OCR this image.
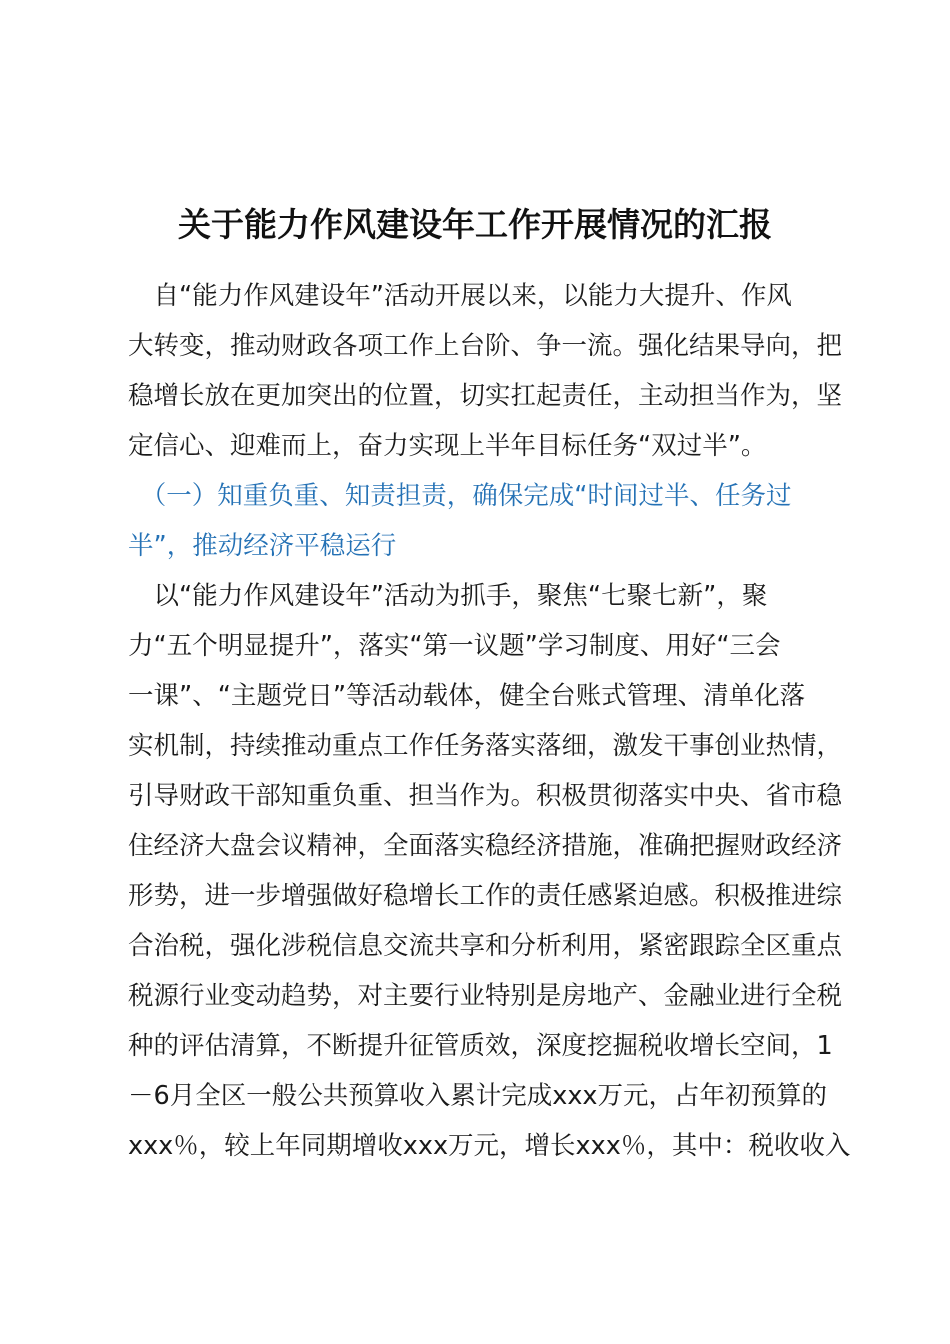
关于能力作风建设年工作开展情况的汇报
　自“能力作风建设年”活动开展以来，以能力大提升、作风
大转变，推动财政各项工作上台阶、争一流。强化结果导向，把
稳增长放在更加突出的位置，切实扛起责任，主动担当作为，坚
定信心、迎难而上，奋力实现上半年目标任务“双过半”。
　（一）知重负重、知责担责，确保完成“时间过半、任务过
半”，推动经济平稳运行
　以“能力作风建设年”活动为抓手，聚焦“七聚七新”，聚
力“五个明显提升”，落实“第一议题”学习制度、用好“三会
一课”、“主题党日”等活动载体，健全台账式管理、清单化落
实机制，持续推动重点工作任务落实落细，激发干事创业热情，
引导财政干部知重负重、担当作为。积极贯彻落实中央、省市稳
住经济大盘会议精神，全面落实稳经济措施，准确把握财政经济
形势，进一步增强做好稳增长工作的责任感紧迫感。积极推进综
合治税，强化涉税信息交流共享和分析利用，紧密跟踪全区重点
税源行业变动趋势，对主要行业特别是房地产、金融业进行全税
种的评估清算，不断提升征管质效，深度挖掘税收增长空间，1
－6月全区一般公共预算收入累计完成xxx万元，占年初预算的
xxx％，较上年同期增收xxx万元，增长xxx％，其中：税收收入
